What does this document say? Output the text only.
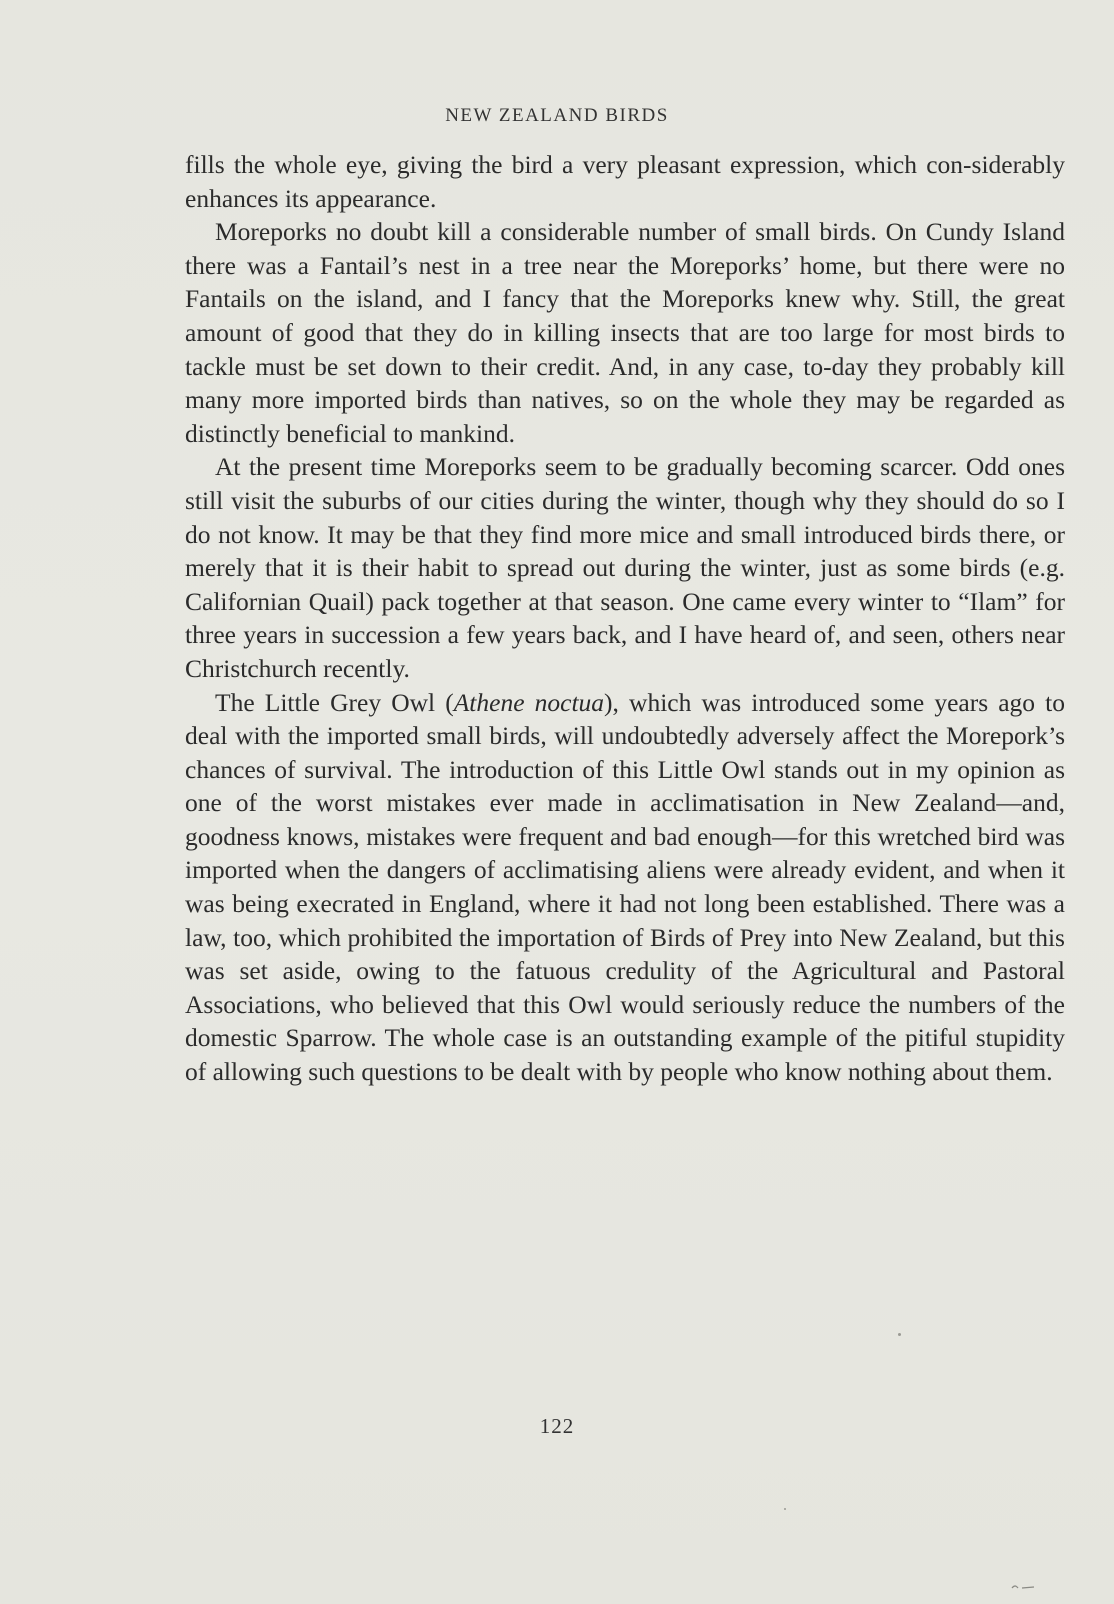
NEW ZEALAND BIRDS

fills the whole eye, giving the bird a very pleasant expression, which con-siderably enhances its appearance.

Moreporks no doubt kill a considerable number of small birds. On Cundy Island there was a Fantail’s nest in a tree near the Moreporks’ home, but there were no Fantails on the island, and I fancy that the Moreporks knew why. Still, the great amount of good that they do in killing insects that are too large for most birds to tackle must be set down to their credit. And, in any case, to-day they probably kill many more imported birds than natives, so on the whole they may be regarded as distinctly beneficial to mankind.

At the present time Moreporks seem to be gradually becoming scarcer. Odd ones still visit the suburbs of our cities during the winter, though why they should do so I do not know. It may be that they find more mice and small introduced birds there, or merely that it is their habit to spread out during the winter, just as some birds (e.g. Californian Quail) pack together at that season. One came every winter to “Ilam” for three years in succession a few years back, and I have heard of, and seen, others near Christchurch recently.

The Little Grey Owl (Athene noctua), which was introduced some years ago to deal with the imported small birds, will undoubtedly adversely affect the Morepork’s chances of survival. The introduction of this Little Owl stands out in my opinion as one of the worst mistakes ever made in acclimatisation in New Zealand—and, goodness knows, mistakes were frequent and bad enough—for this wretched bird was imported when the dangers of acclimatising aliens were already evident, and when it was being execrated in England, where it had not long been established. There was a law, too, which prohibited the importation of Birds of Prey into New Zealand, but this was set aside, owing to the fatuous credulity of the Agricultural and Pastoral Associations, who believed that this Owl would seriously reduce the numbers of the domestic Sparrow. The whole case is an outstanding example of the pitiful stupidity of allowing such questions to be dealt with by people who know nothing about them.

122
